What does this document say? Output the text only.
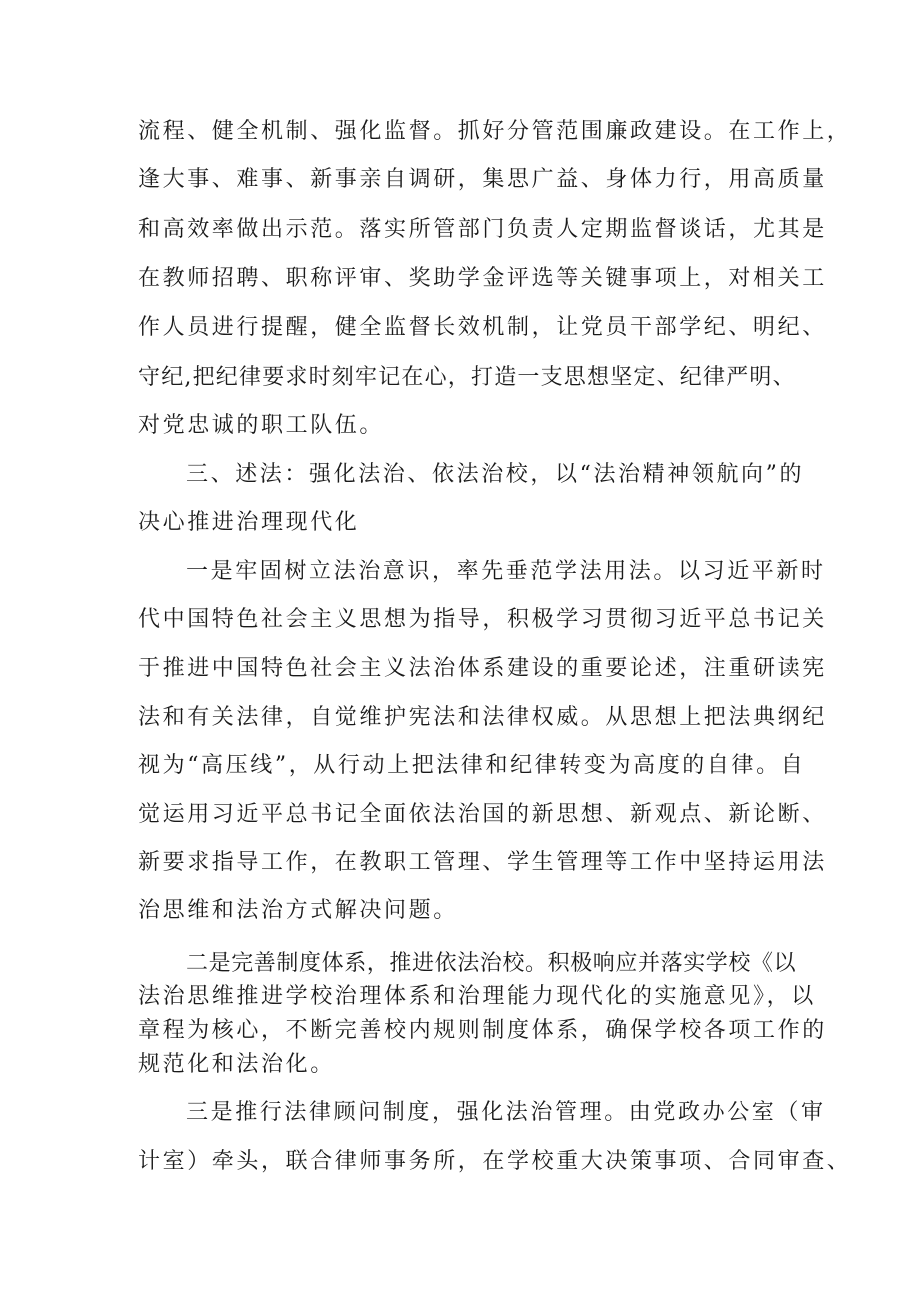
流程、健全机制、强化监督。抓好分管范围廉政建设。在工作上，
逢大事、难事、新事亲自调研，集思广益、身体力行，用高质量
和高效率做出示范。落实所管部门负责人定期监督谈话，尤其是
在教师招聘、职称评审、奖助学金评选等关键事项上，对相关工
作人员进行提醒，健全监督长效机制，让党员干部学纪、明纪、
守纪,把纪律要求时刻牢记在心，打造一支思想坚定、纪律严明、
对党忠诚的职工队伍。
三、述法：强化法治、依法治校，以“法治精神领航向”的
决心推进治理现代化
一是牢固树立法治意识，率先垂范学法用法。以习近平新时
代中国特色社会主义思想为指导，积极学习贯彻习近平总书记关
于推进中国特色社会主义法治体系建设的重要论述，注重研读宪
法和有关法律，自觉维护宪法和法律权威。从思想上把法典纲纪
视为“高压线”，从行动上把法律和纪律转变为高度的自律。自
觉运用习近平总书记全面依法治国的新思想、新观点、新论断、
新要求指导工作，在教职工管理、学生管理等工作中坚持运用法
治思维和法治方式解决问题。
二是完善制度体系，推进依法治校。积极响应并落实学校《以
法治思维推进学校治理体系和治理能力现代化的实施意见》，以
章程为核心，不断完善校内规则制度体系，确保学校各项工作的
规范化和法治化。
三是推行法律顾问制度，强化法治管理。由党政办公室（审
计室）牵头，联合律师事务所，在学校重大决策事项、合同审查、
